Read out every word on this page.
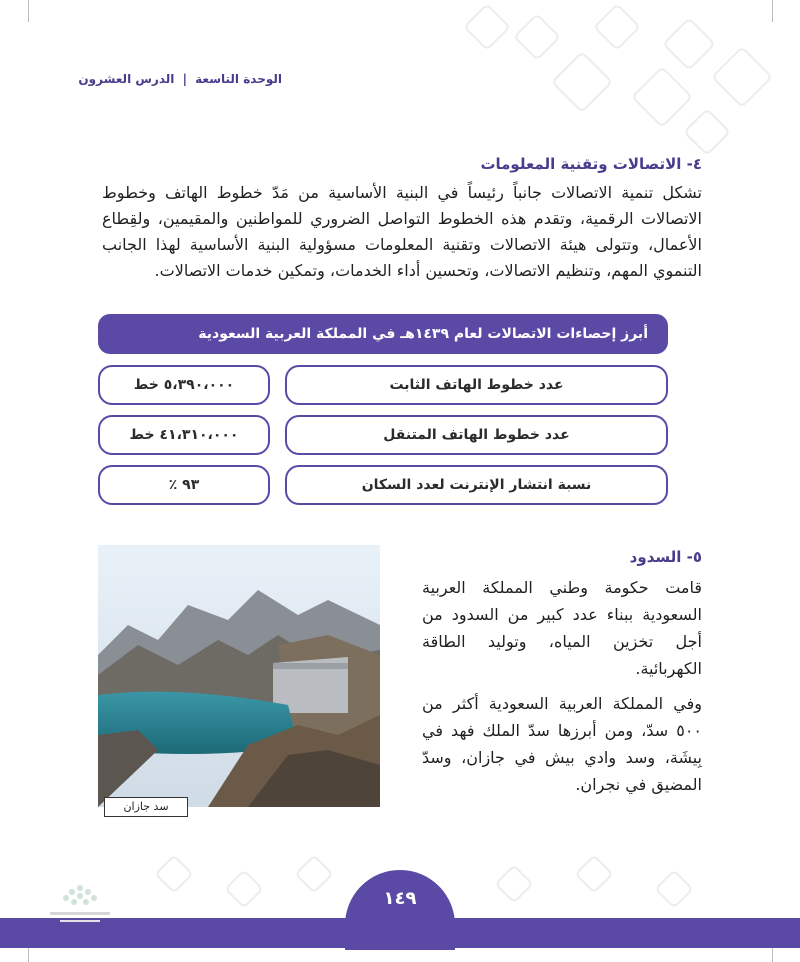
الوحدة التاسعة | الدرس العشرون
٤- الاتصالات وتقنية المعلومات
تشكل تنمية الاتصالات جانباً رئيساً في البنية الأساسية من مَدّ خطوط الهاتف وخطوط الاتصالات الرقمية، وتقدم هذه الخطوط التواصل الضروري للمواطنين والمقيمين، ولقِطاع الأعمال، وتتولى هيئة الاتصالات وتقنية المعلومات مسؤولية البنية الأساسية لهذا الجانب التنموي المهم، وتنظيم الاتصالات، وتحسين أداء الخدمات، وتمكين خدمات الاتصالات.
أبرز إحصاءات الاتصالات لعام ١٤٣٩هـ في المملكة العربية السعودية
عدد خطوط الهاتف الثابت
٥،٣٩٠،٠٠٠ خط
عدد خطوط الهاتف المتنقل
٤١،٣١٠،٠٠٠ خط
نسبة انتشار الإنترنت لعدد السكان
٩٣ ٪
٥- السدود
قامت حكومة وطني المملكة العربية السعودية ببناء عدد كبير من السدود من أجل تخزين المياه، وتوليد الطاقة الكهربائية.
وفي المملكة العربية السعودية أكثر من ٥٠٠ سدّ، ومن أبرزها سدّ الملك فهد في بِيشَة، وسد وادي بيش في جازان، وسدّ المضيق في نجران.
سد جازان
١٤٩
